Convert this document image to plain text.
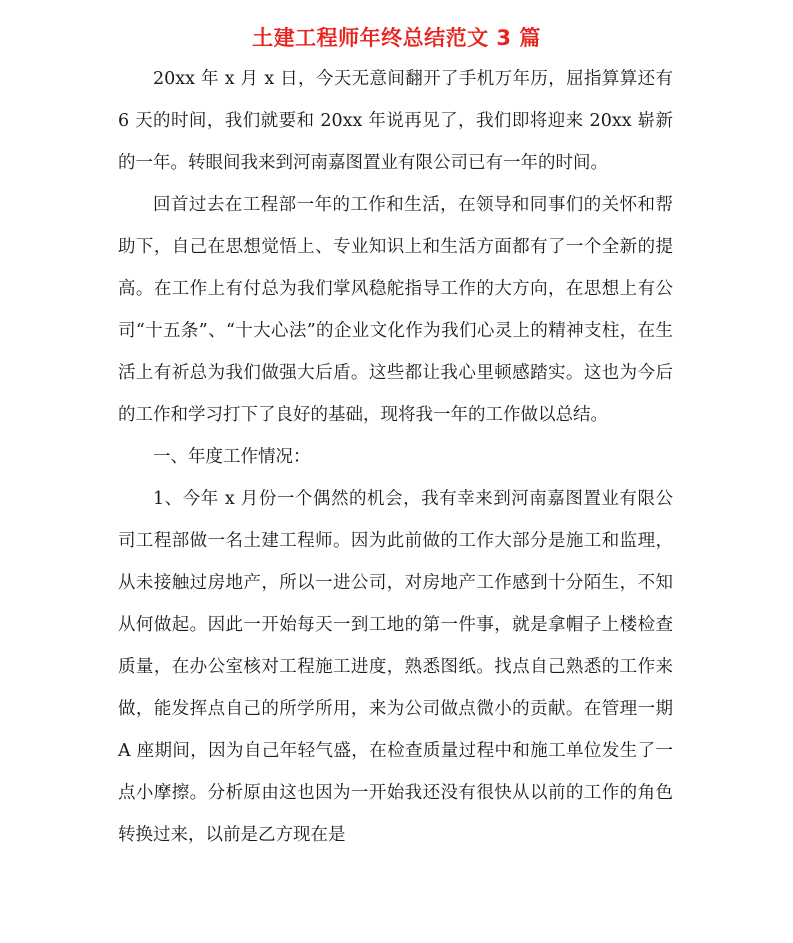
土建工程师年终总结范文 3 篇

20xx 年 x 月 x 日，今天无意间翻开了手机万年历，屈指算算还有 6 天的时间，我们就要和 20xx 年说再见了，我们即将迎来 20xx 崭新的一年。转眼间我来到河南嘉图置业有限公司已有一年的时间。

回首过去在工程部一年的工作和生活，在领导和同事们的关怀和帮助下，自己在思想觉悟上、专业知识上和生活方面都有了一个全新的提高。在工作上有付总为我们掌风稳舵指导工作的大方向，在思想上有公司“十五条”、“十大心法”的企业文化作为我们心灵上的精神支柱，在生活上有祈总为我们做强大后盾。这些都让我心里顿感踏实。这也为今后的工作和学习打下了良好的基础，现将我一年的工作做以总结。

一、年度工作情况：

1、今年 x 月份一个偶然的机会，我有幸来到河南嘉图置业有限公司工程部做一名土建工程师。因为此前做的工作大部分是施工和监理，从未接触过房地产，所以一进公司，对房地产工作感到十分陌生，不知从何做起。因此一开始每天一到工地的第一件事，就是拿帽子上楼检查质量，在办公室核对工程施工进度，熟悉图纸。找点自己熟悉的工作来做，能发挥点自己的所学所用，来为公司做点微小的贡献。在管理一期 A 座期间，因为自己年轻气盛，在检查质量过程中和施工单位发生了一点小摩擦。分析原由这也因为一开始我还没有很快从以前的工作的角色转换过来，以前是乙方现在是
